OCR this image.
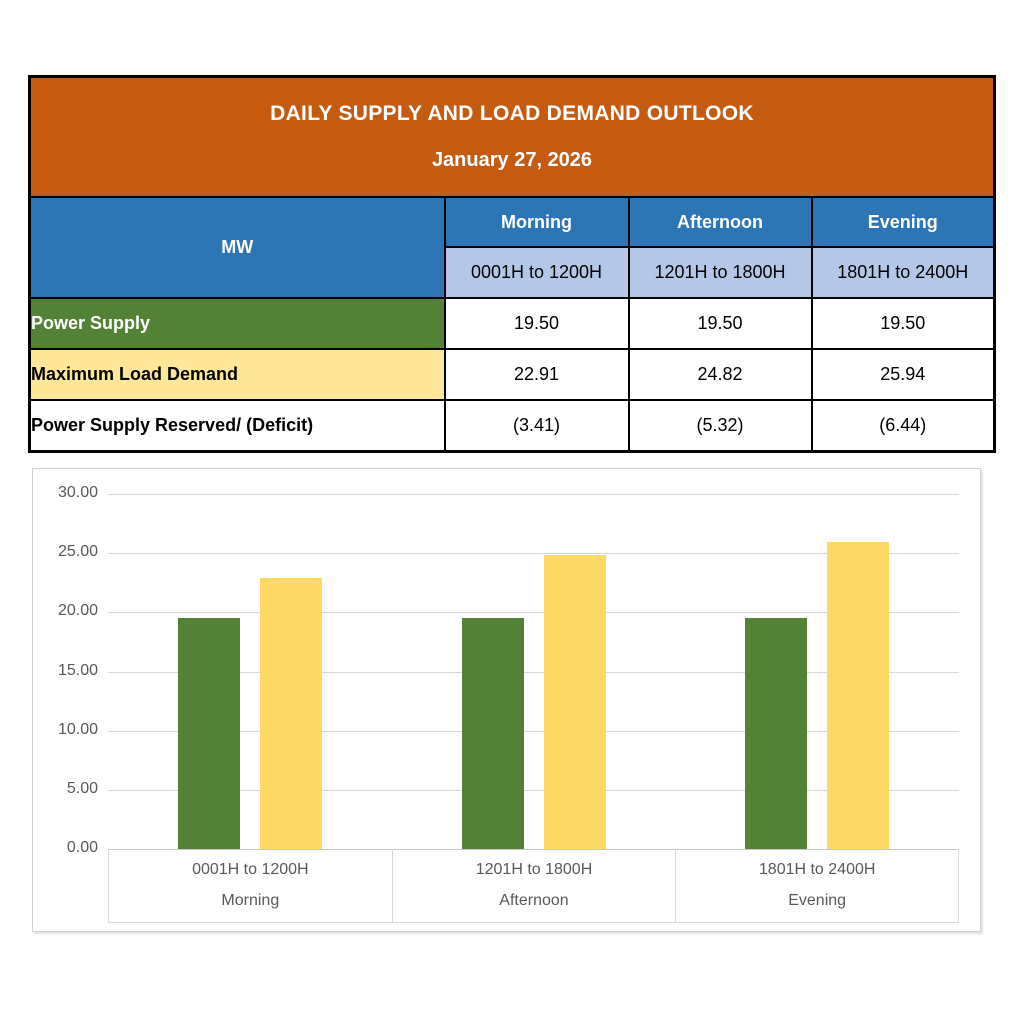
DAILY SUPPLY AND LOAD DEMAND OUTLOOK
January 27, 2026			

MW	Morning	Afternoon	Evening
	0001H to 1200H	1201H to 1800H	1801H to 2400H
Power Supply	19.50	19.50	19.50
Maximum Load Demand	22.91	24.82	25.94
Power Supply Reserved/ (Deficit)	(3.41)	(5.32)	(6.44)
0.00
5.00
10.00
15.00
20.00
25.00
30.00
0001H to 1200H
Morning
1201H to 1800H
Afternoon
1801H to 2400H
Evening
